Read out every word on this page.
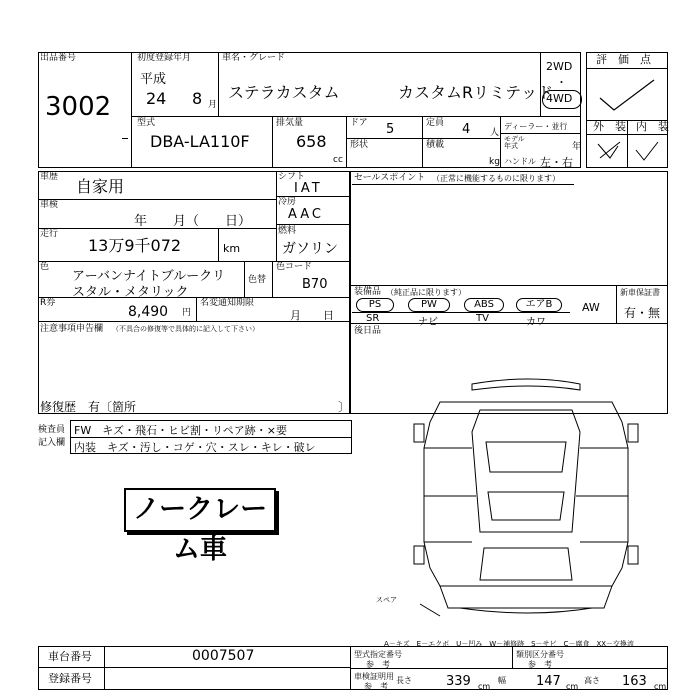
出品番号
3002
初度登録年月
平成
24 8 月
車名・グレード
ステラカスタム	カスタムRリミテッド
2WD
・
4WD
型式
DBA-LA110F
排気量
658
cc
ドア 5	定員 4 人
形状	積載
kg
ディーラー・並行
モデル
年式	年
ハンドル 左・右
評　価　点
外　装 内　装
車歴 自家用
車検
年　　月（　　日）
走行
13万9千072	km
シフト
IAT
冷房
AAC
燃料
ガソリン
色
アーバンナイトブルークリ
スタル・メタリック
色替
色コード
B70
R券
8,490 円
名変通知期限
月　　日
注意事項申告欄 （不具合の修復等で具体的に記入して下さい）
修復歴　有〔箇所	〕
セールスポイント （正常に機能するものに限ります）
装備品 （純正品に限ります）
PS
SR
PW
ナビ
ABS
TV
エアB
カワ
AW
新車保証書
有・無
後日品
検査員
記入欄
FW　キズ・飛石・ヒビ割・リペア跡・×要
内装　キズ・汚し・コゲ・穴・スレ・キレ・破レ
ノークレーム車
スペア
A－キズ　E－エクボ　U－凹み　W－補修跡　S－サビ　C－腐食　XX－交換流
車台番号	0007507
登録番号
型式指定番号
参　考
類別区分番号
参　考
車検証明用
参　考
長さ	339 cm
幅 147 cm
高さ 163 cm
